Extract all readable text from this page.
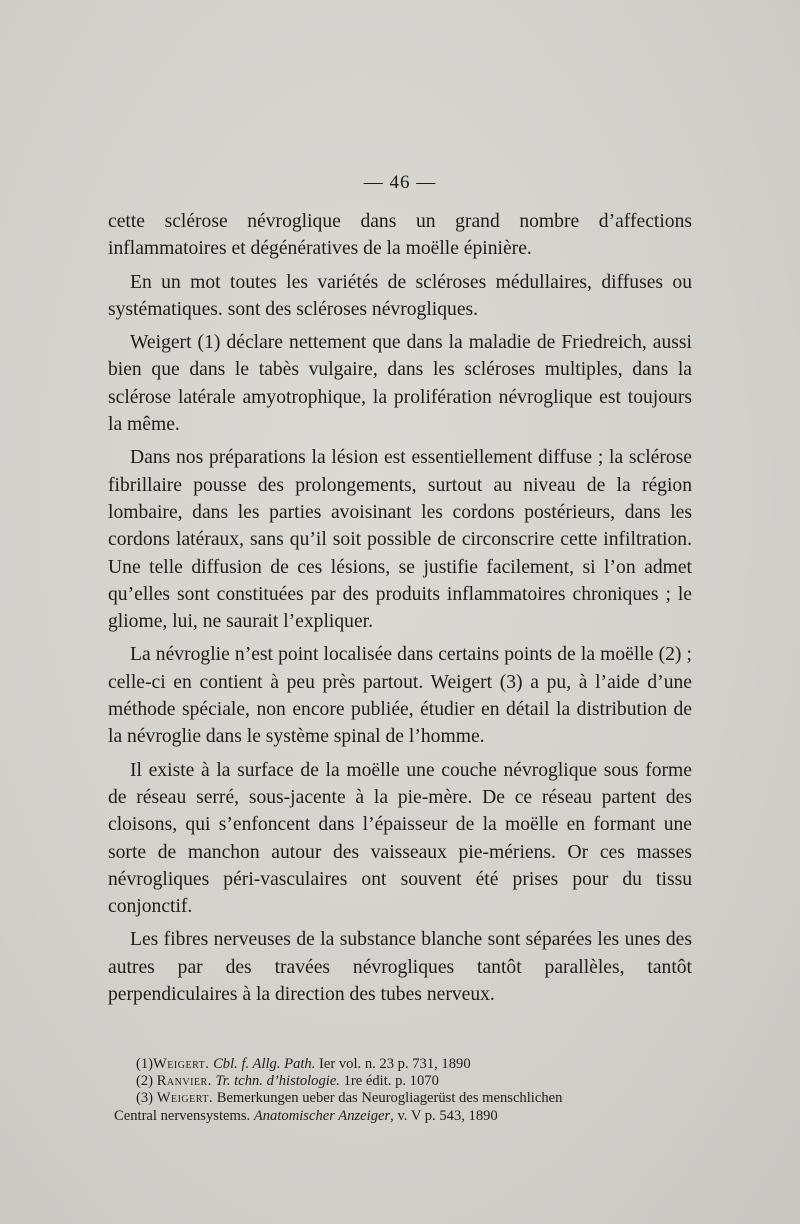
— 46 —

cette sclérose névroglique dans un grand nombre d’affections inflammatoires et dégénératives de la moëlle épinière.

En un mot toutes les variétés de scléroses médullaires, diffuses ou systématiques. sont des scléroses névrogliques.

Weigert (1) déclare nettement que dans la maladie de Friedreich, aussi bien que dans le tabès vulgaire, dans les scléroses multiples, dans la sclérose latérale amyotrophique, la prolifération névroglique est toujours la même.

Dans nos préparations la lésion est essentiellement diffuse ; la sclérose fibrillaire pousse des prolongements, surtout au niveau de la région lombaire, dans les parties avoisinant les cordons postérieurs, dans les cordons latéraux, sans qu’il soit possible de circonscrire cette infiltration. Une telle diffusion de ces lésions, se justifie facilement, si l’on admet qu’elles sont constituées par des produits inflammatoires chroniques ; le gliome, lui, ne saurait l’expliquer.

La névroglie n’est point localisée dans certains points de la moëlle (2) ; celle-ci en contient à peu près partout. Weigert (3) a pu, à l’aide d’une méthode spéciale, non encore publiée, étudier en détail la distribution de la névroglie dans le système spinal de l’homme.

Il existe à la surface de la moëlle une couche névroglique sous forme de réseau serré, sous-jacente à la pie-mère. De ce réseau partent des cloisons, qui s’enfoncent dans l’épaisseur de la moëlle en formant une sorte de manchon autour des vaisseaux pie-mériens. Or ces masses névrogliques péri-vasculaires ont souvent été prises pour du tissu conjonctif.

Les fibres nerveuses de la substance blanche sont séparées les unes des autres par des travées névrogliques tantôt parallèles, tantôt perpendiculaires à la direction des tubes nerveux.

(1)Weigert. Cbl. f. Allg. Path. Ier vol. n. 23 p. 731, 1890
(2) Ranvier. Tr. tchn. d’histologie. 1re édit. p. 1070
(3) Weigert. Bemerkungen ueber das Neurogliagerüst des menschlichen
Central nervensystems. Anatomischer Anzeiger, v. V p. 543, 1890
